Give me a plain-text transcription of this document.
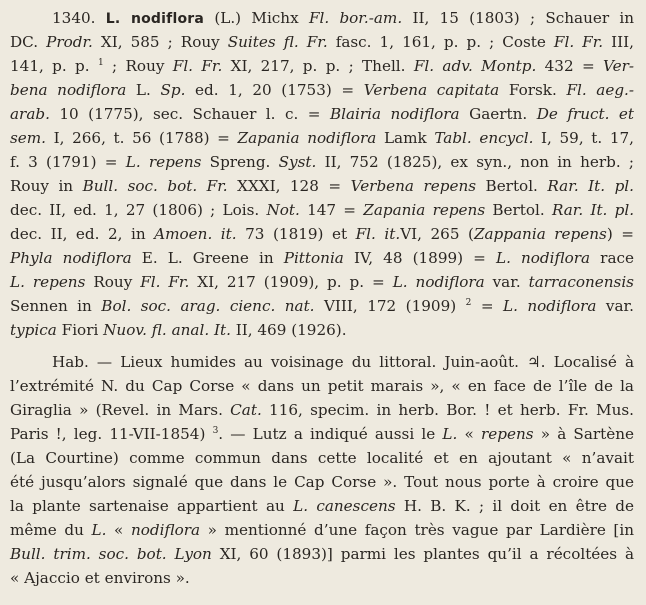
1340. L. nodiflora (L.) Michx Fl. bor.-am. II, 15 (1803) ; Schauer in
DC. Prodr. XI, 585 ; Rouy Suites fl. Fr. fasc. 1, 161, p. p. ; Coste Fl. Fr. III,
141, p. p. $^1$ ; Rouy Fl. Fr. XI, 217, p. p. ; Thell. Fl. adv. Montp. 432 = Ver-
bena nodiflora L. Sp. ed. 1, 20 (1753) = Verbena capitata Forsk. Fl. aeg.-
arab. 10 (1775), sec. Schauer l. c. = Blairia nodiflora Gaertn. De fruct. et
sem. I, 266, t. 56 (1788) = Zapania nodiflora Lamk Tabl. encycl. I, 59, t. 17,
f. 3 (1791) = L. repens Spreng. Syst. II, 752 (1825), ex syn., non in herb. ;
Rouy in Bull. soc. bot. Fr. XXXI, 128 = Verbena repens Bertol. Rar. It. pl.
dec. II, ed. 1, 27 (1806) ; Lois. Not. 147 = Zapania repens Bertol. Rar. It. pl.
dec. II, ed. 2, in Amoen. it. 73 (1819) et Fl. it.VI, 265 (Zappania repens) =
Phyla nodiflora E. L. Greene in Pittonia IV, 48 (1899) = L. nodiflora race
L. repens Rouy Fl. Fr. XI, 217 (1909), p. p. = L. nodiflora var. tarraconensis
Sennen in Bol. soc. arag. cienc. nat. VIII, 172 (1909) $^2$ = L. nodiflora var.
typica Fiori Nuov. fl. anal. It. II, 469 (1926).
Hab. — Lieux humides au voisinage du littoral. Juin-août. ♃. Localisé à
l’extrémité N. du Cap Corse « dans un petit marais », « en face de l’île de la
Giraglia » (Revel. in Mars. Cat. 116, specim. in herb. Bor. ! et herb. Fr. Mus.
Paris !, leg. 11-VII-1854) $^3$. — Lutz a indiqué aussi le L. « repens » à Sartène
(La Courtine) comme commun dans cette localité et en ajoutant « n’avait
été jusqu’alors signalé que dans le Cap Corse ». Tout nous porte à croire que
la plante sartenaise appartient au L. canescens H. B. K. ; il doit en être de
même du L. « nodiflora » mentionné d’une façon très vague par Lardière [in
Bull. trim. soc. bot. Lyon XI, 60 (1893)] parmi les plantes qu’il a récoltées à
« Ajaccio et environs ».
